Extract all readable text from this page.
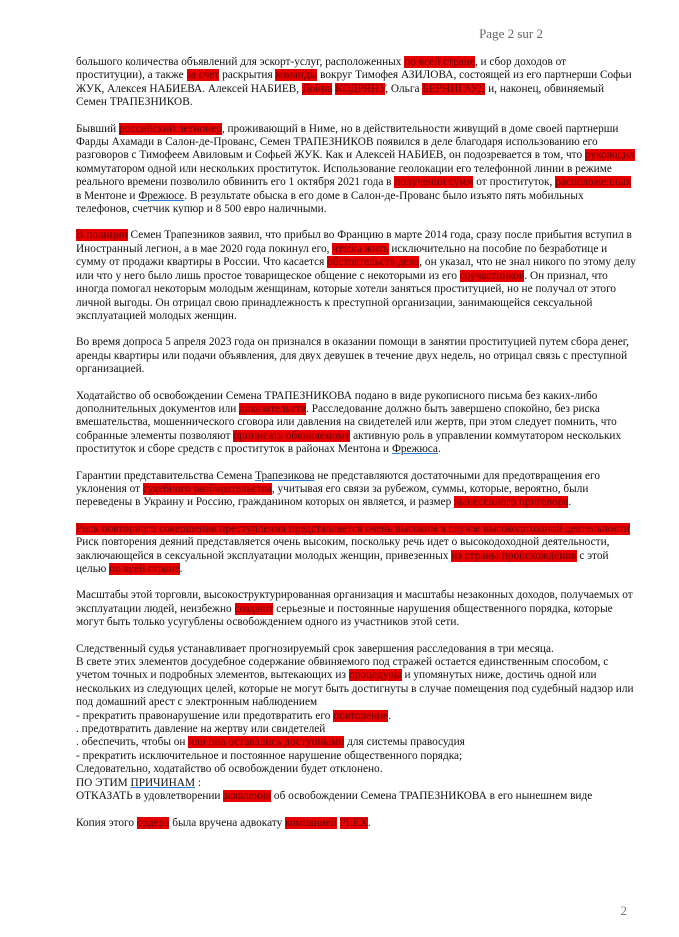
Page 2 sur 2

большого количества объявлений для эскорт-услуг, расположенных по всей стране, и сбор доходов от проституции), а также за счет раскрытия команды вокруг Тимофея АЗИЛОВА, состоящей из его партнерши Софьи ЖУК, Алексея НАБИЕВА. Алексей НАБИЕВ, Дойна КОДРЯНУ, Ольга БЕРНИГАУД и, наконец, обвиняемый Семен ТРАПЕЗНИКОВ.

Бывший российский легионер, проживающий в Ниме, но в действительности живущий в доме своей партнерши Фарды Ахамади в Салон-де-Прованс, Семен ТРАПЕЗНИКОВ появился в деле благодаря использованию его разговоров с Тимофеем Авиловым и Софьей ЖУК. Как и Алексей НАБИЕВ, он подозревается в том, что руководил коммутатором одной или нескольких проституток. Использование геолокации его телефонной линии в режиме реального времени позволило обвинить его 1 октября 2021 года в получении сумм от проституток, расположенных в Ментоне и Фрежюсе. В результате обыска в его доме в Салон-де-Прованс было изъято пять мобильных телефонов, счетчик купюр и 8 500 евро наличными.

В полиции Семен Трапезников заявил, что прибыл во Францию в марте 2014 года, сразу после прибытия вступил в Иностранный легион, а в мае 2020 года покинул его, чтобы жить исключительно на пособие по безработице и сумму от продажи квартиры в России. Что касается обстоятельств дела, он указал, что не знал никого по этому делу или что у него было лишь простое товарищеское общение с некоторыми из его соучастников. Он признал, что иногда помогал некоторым молодым женщинам, которые хотели заняться проституцией, но не получал от этого личной выгоды. Он отрицал свою принадлежность к преступной организации, занимающейся сексуальной эксплуатацией молодых женщин.

Во время допроса 5 апреля 2023 года он признался в оказании помощи в занятии проституцией путем сбора денег, аренды квартиры или подачи объявления, для двух девушек в течение двух недель, но отрицал связь с преступной организацией.

Ходатайство об освобождении Семена ТРАПЕЗНИКОВА подано в виде рукописного письма без каких-либо дополнительных документов или доказательств. Расследование должно быть завершено спокойно, без риска вмешательства, мошеннического сговора или давления на свидетелей или жертв, при этом следует помнить, что собранные элементы позволяют приписать обвиняемому активную роль в управлении коммутатором нескольких проституток и сборе средств с проституток в районах Ментона и Фрежюса.

Гарантии представительства Семена Трапезикова не представляются достаточными для предотвращения его уклонения от судебного разбирательства, учитывая его связи за рубежом, суммы, которые, вероятно, были переведены в Украину и Россию, гражданином которых он является, и размер вынесенного приговора.

Риск повторного совершения преступления представляется очень высоким в случае высокодоходной деятельности

Риск повторения деяний представляется очень высоким, поскольку речь идет о высокодоходной деятельности, заключающейся в сексуальной эксплуатации молодых женщин, привезенных из страны происхождения с этой целью по всей стране.

Масштабы этой торговли, высокоструктурированная организация и масштабы незаконных доходов, получаемых от эксплуатации людей, неизбежно создают серьезные и постоянные нарушения общественного порядка, которые могут быть только усугублены освобождением одного из участников этой сети.

Следственный судья устанавливает прогнозируемый срок завершения расследования в три месяца.

В свете этих элементов досудебное содержание обвиняемого под стражей остается единственным способом, с учетом точных и подробных элементов, вытекающих из процедуры и упомянутых ниже, достичь одной или нескольких из следующих целей, которые не могут быть достигнуты в случае помещения под судебный надзор или под домашний арест с электронным наблюдением

- прекратить правонарушение или предотвратить его повторение.

. предотвратить давление на жертву или свидетелей

. обеспечить, чтобы он или она оставались доступными для системы правосудия

- прекратить исключительное и постоянное нарушение общественного порядка;

Следовательно, ходатайство об освобождении будет отклонено.

ПО ЭТИМ ПРИЧИНАМ :

ОТКАЗАТЬ в удовлетворении заявления об освобождении Семена ТРАПЕЗНИКОВА в его нынешнем виде

Копия этого ордера была вручена адвокату компанией PLEX.

2
